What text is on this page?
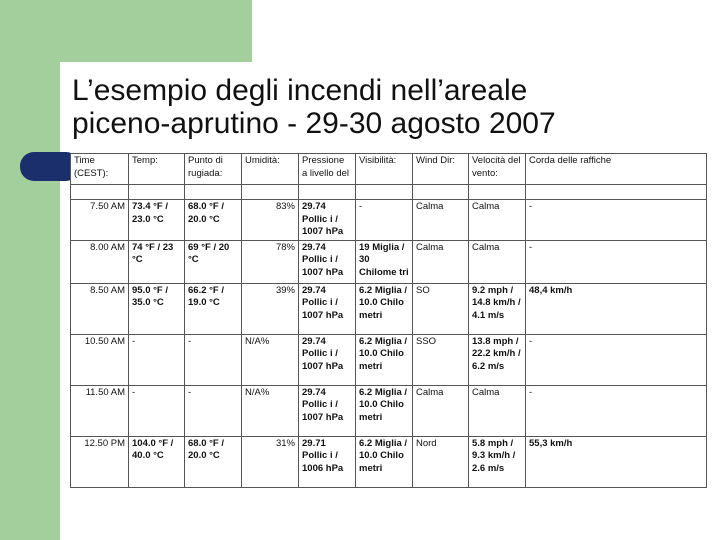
L’esempio degli incendi nell’areale
piceno-aprutino - 29-30 agosto 2007
Time (CEST):	Temp:	Punto di rugiada:	Umidità:	Pressione a livello del	Visibilità:	Wind Dir:	Velocità del vento:	Corda delle raffiche

7.50 AM	73.4 °F / 23.0 °C	68.0 °F / 20.0 °C	83%	29.74 Pollic i / 1007 hPa	-	Calma	Calma	-
8.00 AM	74 °F / 23 °C	69 °F / 20 °C	78%	29.74 Pollic i / 1007 hPa	19 Miglia / 30 Chilome tri	Calma	Calma	-
8.50 AM	95.0 °F / 35.0 °C	66.2 °F / 19.0 °C	39%	29.74 Pollic i / 1007 hPa	6.2 Miglia / 10.0 Chilo metri	SO	9.2 mph / 14.8 km/h / 4.1 m/s	48,4 km/h
10.50 AM	-	-	N/A%	29.74 Pollic i / 1007 hPa	6.2 Miglia / 10.0 Chilo metri	SSO	13.8 mph / 22.2 km/h / 6.2 m/s	-
11.50 AM	-	-	N/A%	29.74 Pollic i / 1007 hPa	6.2 Miglia / 10.0 Chilo metri	Calma	Calma	-
12.50 PM	104.0 °F / 40.0 °C	68.0 °F / 20.0 °C	31%	29.71 Pollic i / 1006 hPa	6.2 Miglia / 10.0 Chilo metri	Nord	5.8 mph / 9.3 km/h / 2.6 m/s	55,3 km/h
